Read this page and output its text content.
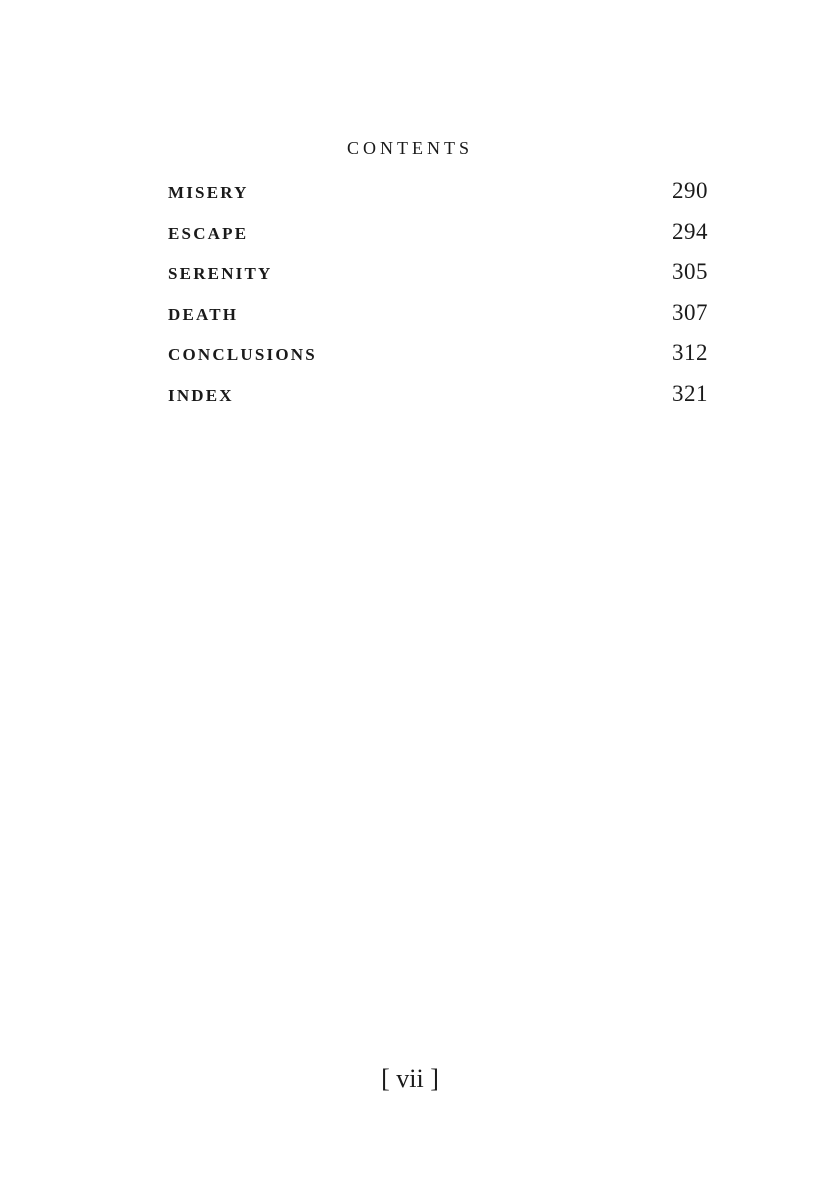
CONTENTS
MISERY	290
ESCAPE	294
SERENITY	305
DEATH	307
CONCLUSIONS	312
INDEX	321
[ vii ]
